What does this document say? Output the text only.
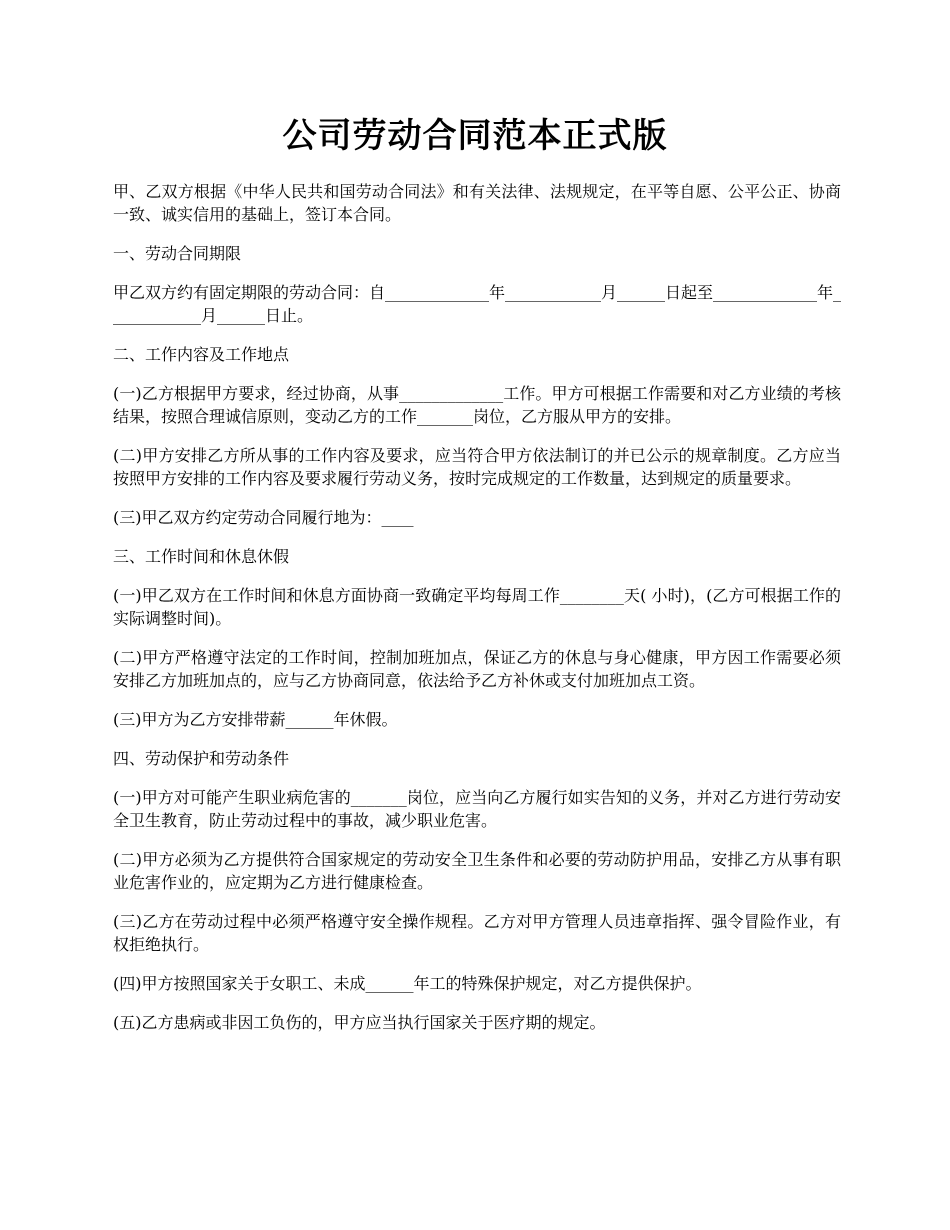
公司劳动合同范本正式版

甲、乙双方根据《中华人民共和国劳动合同法》和有关法律、法规规定，在平等自愿、公平公正、协商一致、诚实信用的基础上，签订本合同。

一、劳动合同期限

甲乙双方约有固定期限的劳动合同：自_____________年____________月______日起至_____________年____________月______日止。

二、工作内容及工作地点

(一)乙方根据甲方要求，经过协商，从事_____________工作。甲方可根据工作需要和对乙方业绩的考核结果，按照合理诚信原则，变动乙方的工作_______岗位，乙方服从甲方的安排。

(二)甲方安排乙方所从事的工作内容及要求，应当符合甲方依法制订的并已公示的规章制度。乙方应当按照甲方安排的工作内容及要求履行劳动义务，按时完成规定的工作数量，达到规定的质量要求。

(三)甲乙双方约定劳动合同履行地为：____

三、工作时间和休息休假

(一)甲乙双方在工作时间和休息方面协商一致确定平均每周工作________天( 小时)，(乙方可根据工作的实际调整时间)。

(二)甲方严格遵守法定的工作时间，控制加班加点，保证乙方的休息与身心健康，甲方因工作需要必须安排乙方加班加点的，应与乙方协商同意，依法给予乙方补休或支付加班加点工资。

(三)甲方为乙方安排带薪______年休假。

四、劳动保护和劳动条件

(一)甲方对可能产生职业病危害的_______岗位，应当向乙方履行如实告知的义务，并对乙方进行劳动安全卫生教育，防止劳动过程中的事故，减少职业危害。

(二)甲方必须为乙方提供符合国家规定的劳动安全卫生条件和必要的劳动防护用品，安排乙方从事有职业危害作业的，应定期为乙方进行健康检查。

(三)乙方在劳动过程中必须严格遵守安全操作规程。乙方对甲方管理人员违章指挥、强令冒险作业，有权拒绝执行。

(四)甲方按照国家关于女职工、未成______年工的特殊保护规定，对乙方提供保护。

(五)乙方患病或非因工负伤的，甲方应当执行国家关于医疗期的规定。
